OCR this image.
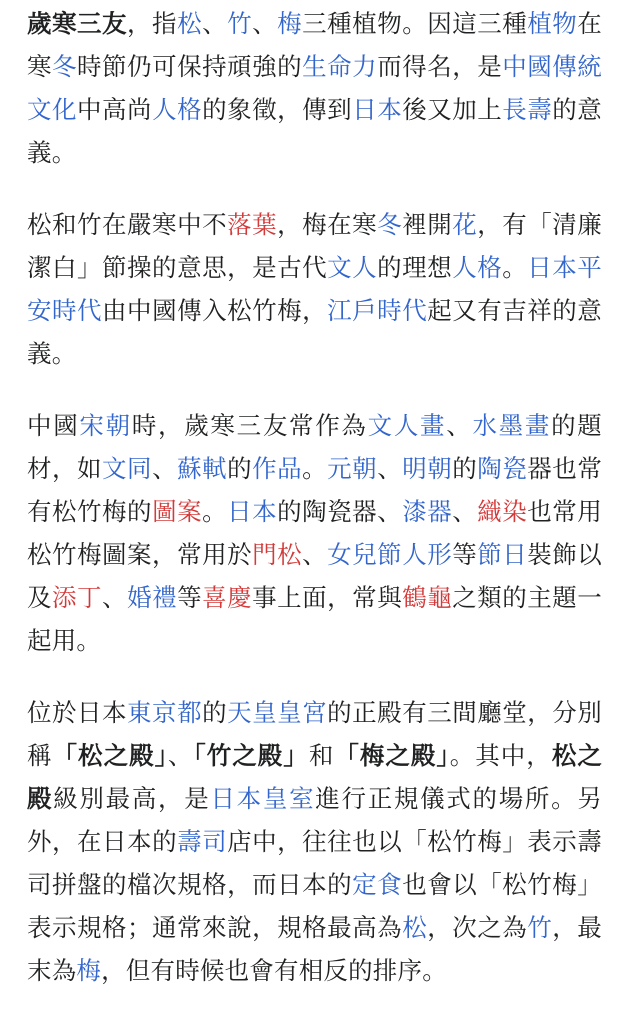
歲寒三友，指松、竹、梅三種植物。因這三種植物在寒冬時節仍可保持頑強的生命力而得名，是中國傳統文化中高尚人格的象徵，傳到日本後又加上長壽的意義。

松和竹在嚴寒中不落葉，梅在寒冬裡開花，有「清廉潔白」節操的意思，是古代文人的理想人格。日本平安時代由中國傳入松竹梅，江戶時代起又有吉祥的意義。

中國宋朝時，歲寒三友常作為文人畫、水墨畫的題材，如文同、蘇軾的作品。元朝、明朝的陶瓷器也常有松竹梅的圖案。日本的陶瓷器、漆器、織染也常用松竹梅圖案，常用於門松、女兒節人形等節日裝飾以及添丁、婚禮等喜慶事上面，常與鶴龜之類的主題一起用。

位於日本東京都的天皇皇宮的正殿有三間廳堂，分別稱「松之殿」、「竹之殿」和「梅之殿」。其中，松之殿級別最高，是日本皇室進行正規儀式的場所。另外，在日本的壽司店中，往往也以「松竹梅」表示壽司拼盤的檔次規格，而日本的定食也會以「松竹梅」表示規格；通常來說，規格最高為松，次之為竹，最末為梅，但有時候也會有相反的排序。
